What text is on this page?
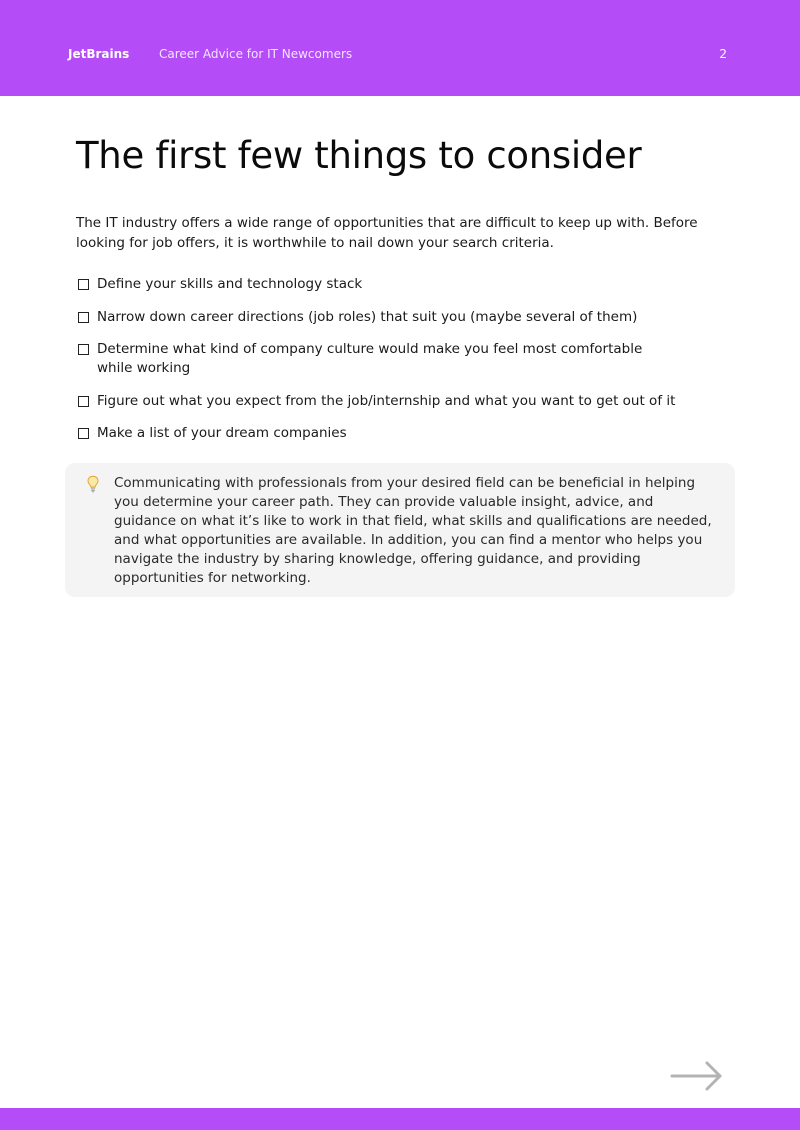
JetBrains Career Advice for IT Newcomers	2
The first few things to consider

The IT industry offers a wide range of opportunities that are difficult to keep up with. Before looking for job offers, it is worthwhile to nail down your search criteria.

Define your skills and technology stack
Narrow down career directions (job roles) that suit you (maybe several of them)
Determine what kind of company culture would make you feel most comfortable while working
Figure out what you expect from the job/internship and what you want to get out of it
Make a list of your dream companies

Communicating with professionals from your desired field can be beneficial in helping you determine your career path. They can provide valuable insight, advice, and guidance on what it’s like to work in that field, what skills and qualifications are needed, and what opportunities are available. In addition, you can find a mentor who helps you navigate the industry by sharing knowledge, offering guidance, and providing opportunities for networking.
